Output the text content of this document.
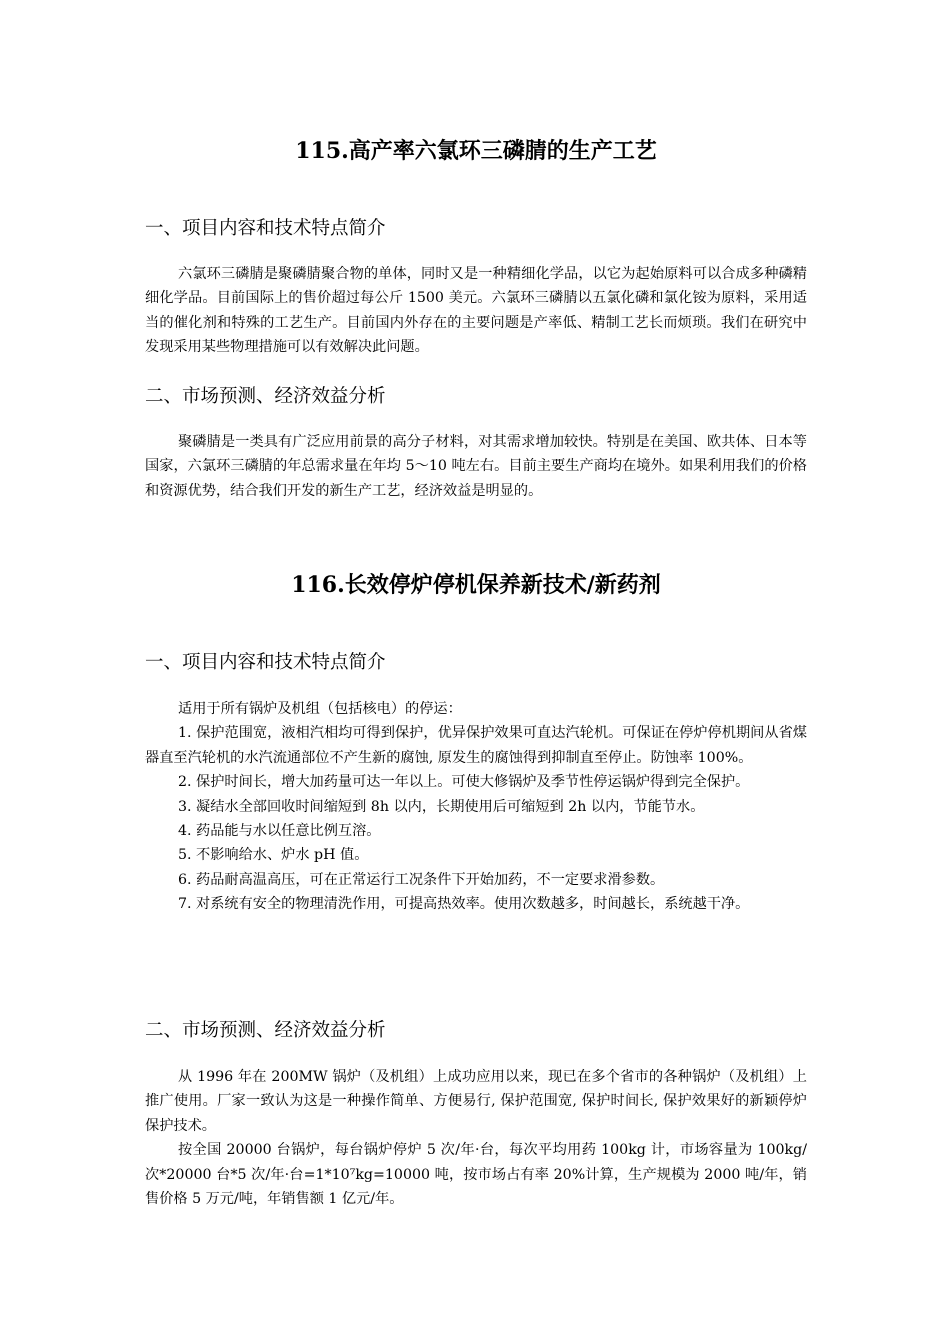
115.高产率六氯环三磷腈的生产工艺
一、项目内容和技术特点简介

六氯环三磷腈是聚磷腈聚合物的单体，同时又是一种精细化学品，以它为起始原料可以合成多种磷精细化学品。目前国际上的售价超过每公斤 1500 美元。六氯环三磷腈以五氯化磷和氯化铵为原料，采用适当的催化剂和特殊的工艺生产。目前国内外存在的主要问题是产率低、精制工艺长而烦琐。我们在研究中发现采用某些物理措施可以有效解决此问题。

二、市场预测、经济效益分析

聚磷腈是一类具有广泛应用前景的高分子材料，对其需求增加较快。特别是在美国、欧共体、日本等国家，六氯环三磷腈的年总需求量在年均 5～10 吨左右。目前主要生产商均在境外。如果利用我们的价格和资源优势，结合我们开发的新生产工艺，经济效益是明显的。

116.长效停炉停机保养新技术/新药剂
一、项目内容和技术特点简介

适用于所有锅炉及机组（包括核电）的停运：

1. 保护范围宽，液相汽相均可得到保护，优异保护效果可直达汽轮机。可保证在停炉停机期间从省煤器直至汽轮机的水汽流通部位不产生新的腐蚀, 原发生的腐蚀得到抑制直至停止。防蚀率 100%。

2. 保护时间长，增大加药量可达一年以上。可使大修锅炉及季节性停运锅炉得到完全保护。

3. 凝结水全部回收时间缩短到 8h 以内，长期使用后可缩短到 2h 以内，节能节水。

4. 药品能与水以任意比例互溶。

5. 不影响给水、炉水 pH 值。

6. 药品耐高温高压，可在正常运行工况条件下开始加药，不一定要求滑参数。

7. 对系统有安全的物理清洗作用，可提高热效率。使用次数越多，时间越长，系统越干净。

二、市场预测、经济效益分析

从 1996 年在 200MW 锅炉（及机组）上成功应用以来，现已在多个省市的各种锅炉（及机组）上推广使用。厂家一致认为这是一种操作简单、方便易行, 保护范围宽, 保护时间长, 保护效果好的新颖停炉保护技术。

按全国 20000 台锅炉，每台锅炉停炉 5 次/年·台，每次平均用药 100kg 计，市场容量为 100kg/次*20000 台*5 次/年·台=1*10⁷kg=10000 吨，按市场占有率 20%计算，生产规模为 2000 吨/年，销售价格 5 万元/吨，年销售额 1 亿元/年。
